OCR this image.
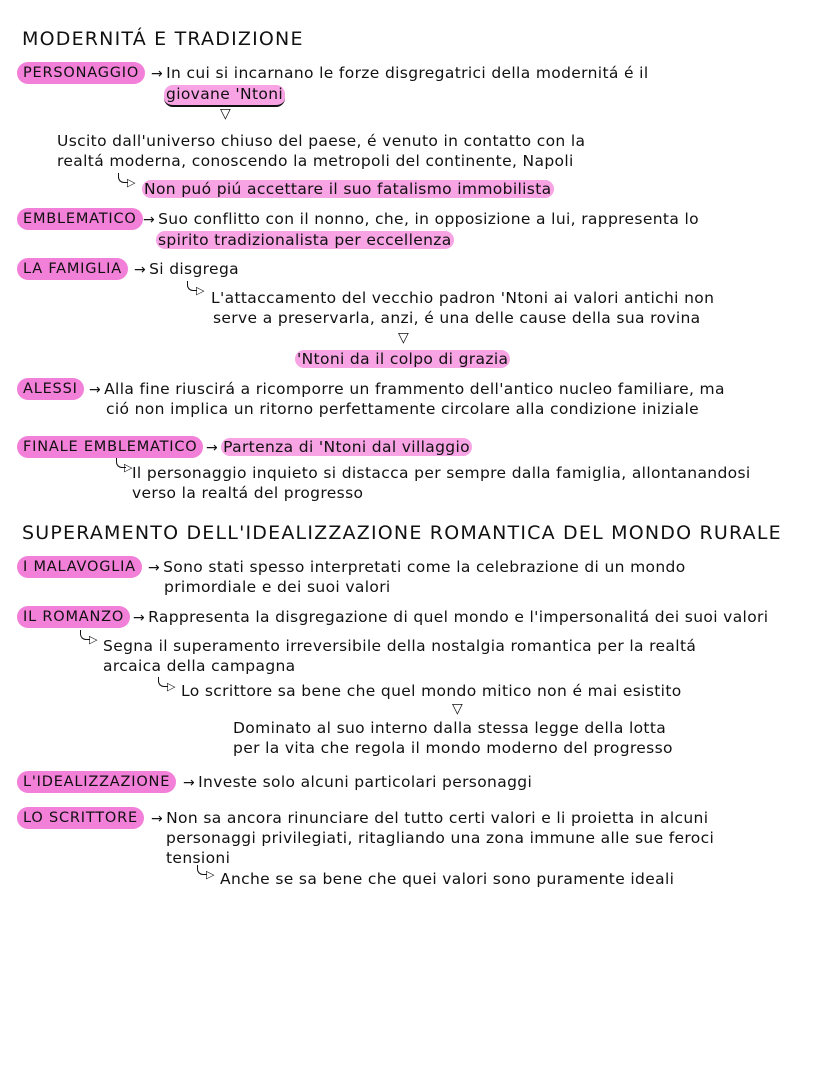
MODERNITÁ E TRADIZIONE
PERSONAGGIO → In cui si incarnano le forze disgregatrici della modernitá é il
giovane 'Ntoni
▽
Uscito dall'universo chiuso del paese, é venuto in contatto con la
realtá moderna, conoscendo la metropoli del continente, Napoli
▷ Non puó piú accettare il suo fatalismo immobilista
EMBLEMATICO → Suo conflitto con il nonno, che, in opposizione a lui, rappresenta lo
spirito tradizionalista per eccellenza
LA FAMIGLIA → Si disgrega
▷ L'attaccamento del vecchio padron 'Ntoni ai valori antichi non
serve a preservarla, anzi, é una delle cause della sua rovina
▽
'Ntoni da il colpo di grazia
ALESSI → Alla fine riuscirá a ricomporre un frammento dell'antico nucleo familiare, ma
ció non implica un ritorno perfettamente circolare alla condizione iniziale
FINALE EMBLEMATICO → Partenza di 'Ntoni dal villaggio
▷ Il personaggio inquieto si distacca per sempre dalla famiglia, allontanandosi
verso la realtá del progresso
SUPERAMENTO DELL'IDEALIZZAZIONE ROMANTICA DEL MONDO RURALE
I MALAVOGLIA → Sono stati spesso interpretati come la celebrazione di un mondo
primordiale e dei suoi valori
IL ROMANZO → Rappresenta la disgregazione di quel mondo e l'impersonalitá dei suoi valori
▷ Segna il superamento irreversibile della nostalgia romantica per la realtá
arcaica della campagna
▷ Lo scrittore sa bene che quel mondo mitico non é mai esistito
▽
Dominato al suo interno dalla stessa legge della lotta
per la vita che regola il mondo moderno del progresso
L'IDEALIZZAZIONE → Investe solo alcuni particolari personaggi
LO SCRITTORE → Non sa ancora rinunciare del tutto certi valori e li proietta in alcuni
personaggi privilegiati, ritagliando una zona immune alle sue feroci
tensioni
▷ Anche se sa bene che quei valori sono puramente ideali
